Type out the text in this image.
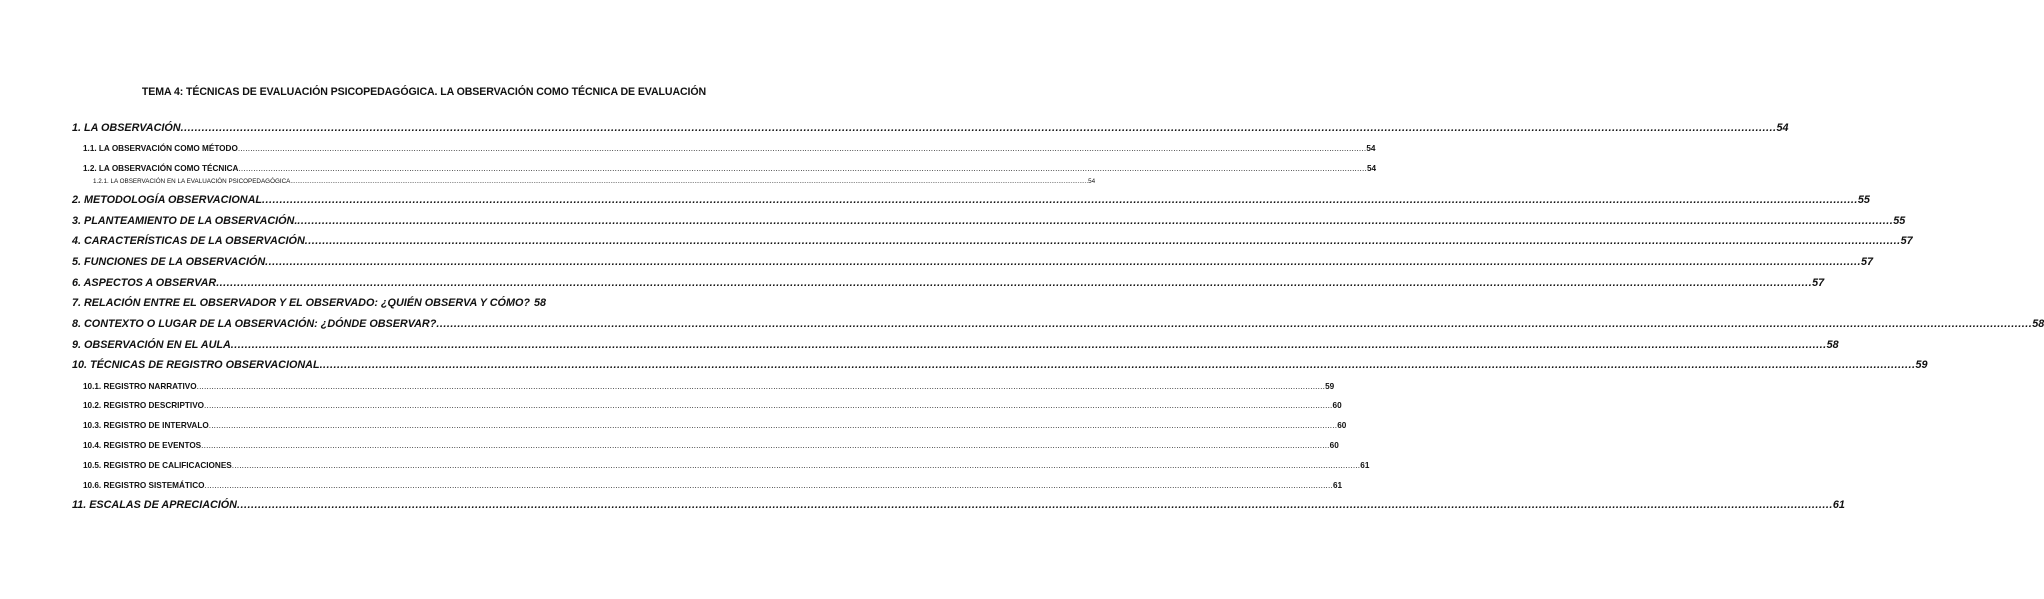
TEMA 4: TÉCNICAS DE EVALUACIÓN PSICOPEDAGÓGICA. LA OBSERVACIÓN COMO TÉCNICA DE EVALUACIÓN
1. LA OBSERVACIÓN .....	54
1.1. LA OBSERVACIÓN COMO MÉTODO .....	54
1.2. LA OBSERVACIÓN COMO TÉCNICA .....	54
1.2.1. LA OBSERVACIÓN EN LA EVALUACIÓN PSICOPEDAGÓGICA .....	54
2. METODOLOGÍA OBSERVACIONAL .....	55
3. PLANTEAMIENTO DE LA OBSERVACIÓN. .....	55
4. CARACTERÍSTICAS DE LA OBSERVACIÓN .....	57
5. FUNCIONES DE LA OBSERVACIÓN .....	57
6. ASPECTOS A OBSERVAR .....	57
7. RELACIÓN ENTRE EL OBSERVADOR Y EL OBSERVADO: ¿QUIÉN OBSERVA Y CÓMO? 58
8. CONTEXTO O LUGAR DE LA OBSERVACIÓN: ¿DÓNDE OBSERVAR? .....	58
9. OBSERVACIÓN EN EL AULA .....	58
10. TÉCNICAS DE REGISTRO OBSERVACIONAL .....	59
10.1. REGISTRO NARRATIVO .....	59
10.2. REGISTRO DESCRIPTIVO .....	60
10.3. REGISTRO DE INTERVALO .....	60
10.4. REGISTRO DE EVENTOS .....	60
10.5. REGISTRO DE CALIFICACIONES .....	61
10.6. REGISTRO SISTEMÁTICO .....	61
11. ESCALAS DE APRECIACIÓN .....	61
